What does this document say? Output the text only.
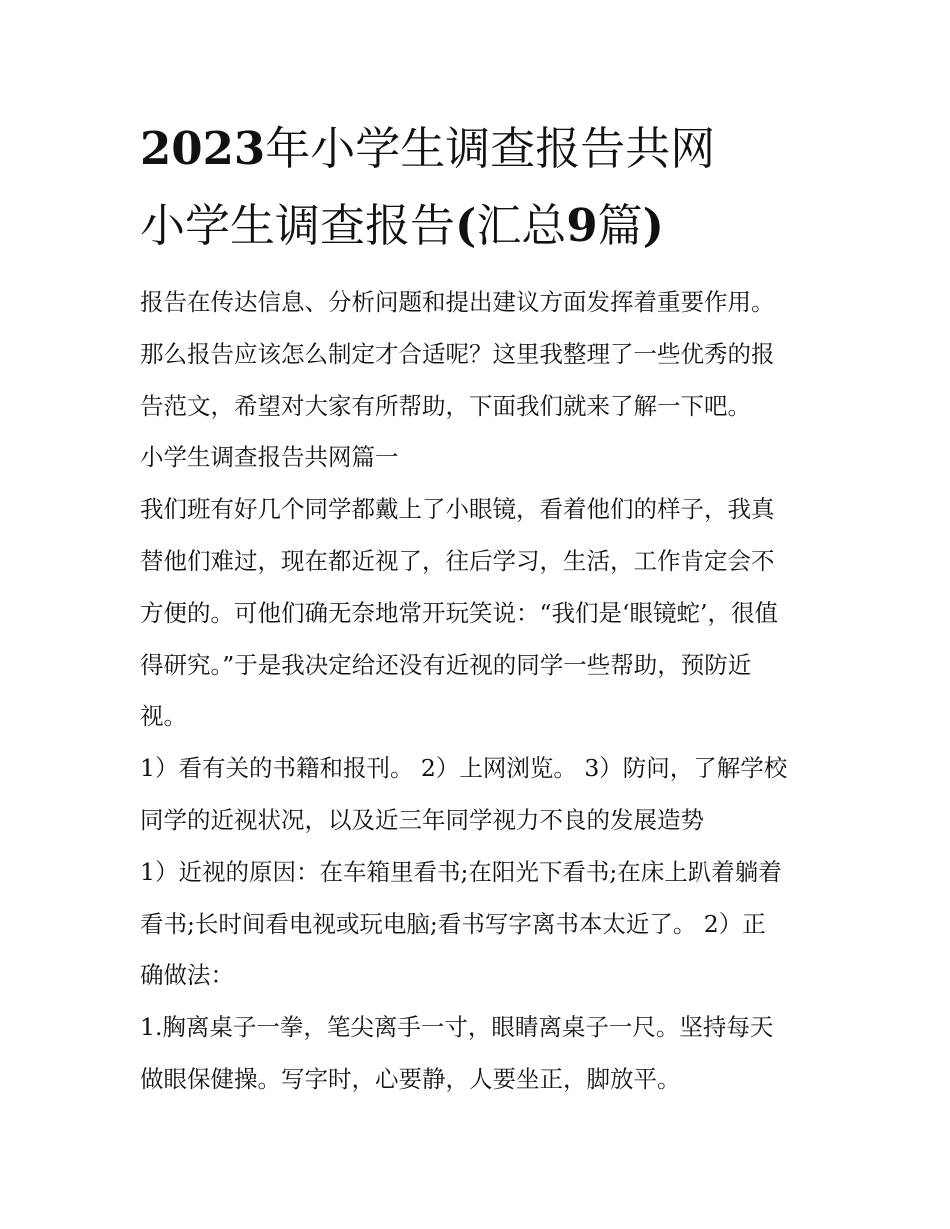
2023年小学生调查报告共网
小学生调查报告(汇总9篇)
报告在传达信息、分析问题和提出建议方面发挥着重要作用。
那么报告应该怎么制定才合适呢？这里我整理了一些优秀的报
告范文，希望对大家有所帮助，下面我们就来了解一下吧。
小学生调查报告共网篇一
我们班有好几个同学都戴上了小眼镜，看着他们的样子，我真
替他们难过，现在都近视了，往后学习，生活，工作肯定会不
方便的。可他们确无奈地常开玩笑说：“我们是‘眼镜蛇’，很值
得研究。”于是我决定给还没有近视的同学一些帮助，预防近
视。
1）看有关的书籍和报刊。 2）上网浏览。 3）防问，了解学校
同学的近视状况，以及近三年同学视力不良的发展造势
1）近视的原因：在车箱里看书;在阳光下看书;在床上趴着躺着
看书;长时间看电视或玩电脑;看书写字离书本太近了。 2）正
确做法：
1.胸离桌子一拳，笔尖离手一寸，眼睛离桌子一尺。坚持每天
做眼保健操。写字时，心要静，人要坐正，脚放平。
